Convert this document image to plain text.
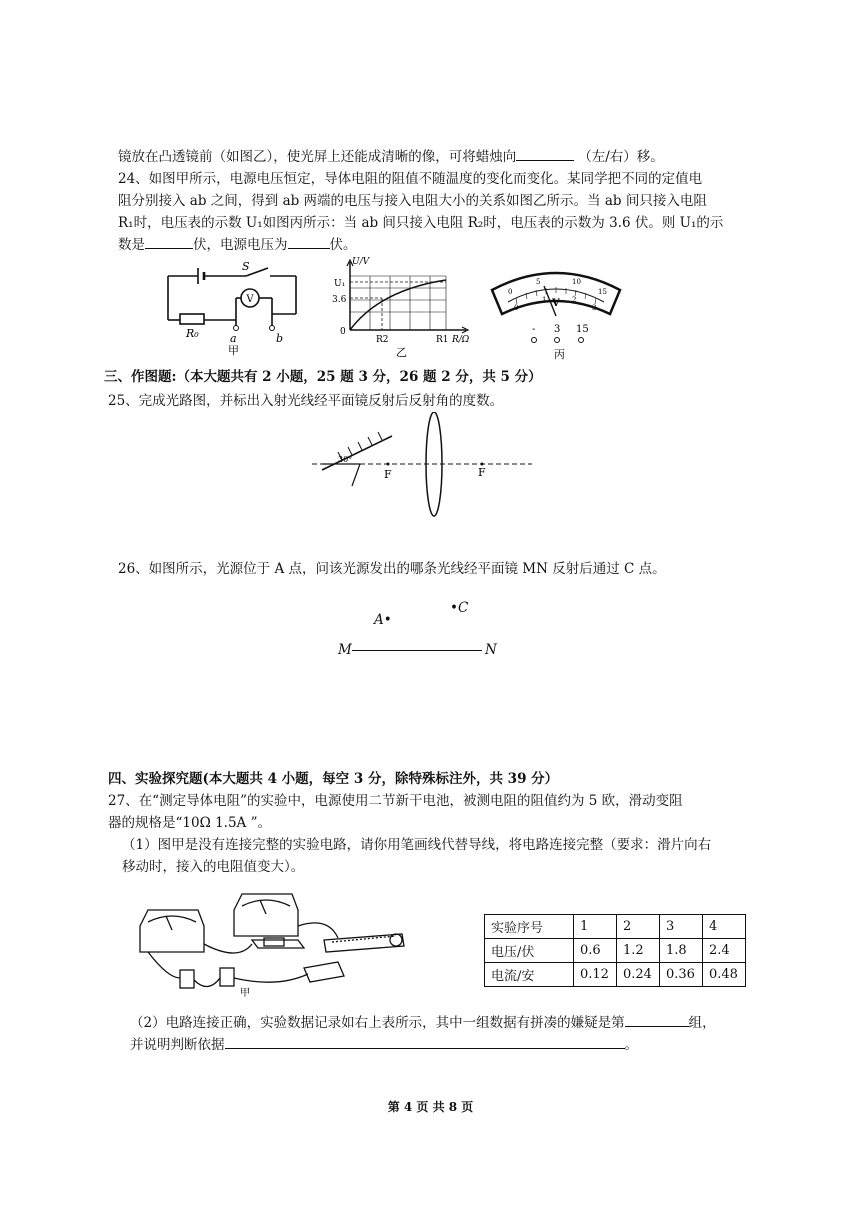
镜放在凸透镜前（如图乙），使光屏上还能成清晰的像，可将蜡烛向	（左/右）移。
24、如图甲所示，电源电压恒定，导体电阻的阻值不随温度的变化而变化。某同学把不同的定值电
阻分别接入 ab 之间，得到 ab 两端的电压与接入电阻大小的关系如图乙所示。当 ab 间只接入电阻
R₁时，电压表的示数 U₁如图丙所示：当 ab 间只接入电阻 R₂时，电压表的示数为 3.6 伏。则 U₁的示
数是	伏，电源电压为	伏。
V
S
R₀	a	b
甲
U/V
U₁
3.6
0
R2	R1 R/Ω
乙
0
5	10
15
0
1	2
3
V
- 3 15
丙
三、作图题:（本大题共有 2 小题，25 题 3 分，26 题 2 分，共 5 分）
25、完成光路图，并标出入射光线经平面镜反射后反射角的度数。
30°
F	F
26、如图所示，光源位于 A 点，问该光源发出的哪条光线经平面镜 MN 反射后通过 C 点。
•C
A•
M	N
四、实验探究题(本大题共 4 小题，每空 3 分，除特殊标注外，共 39 分）
27、在“测定导体电阻”的实验中，电源使用二节新干电池，被测电阻的阻值约为 5 欧，滑动变阻
器的规格是“10Ω 1.5A ”。
（1）图甲是没有连接完整的实验电路，请你用笔画线代替导线，将电路连接完整（要求：滑片向右
移动时，接入的电阻值变大）。
甲
实验序号	1	2	3	4
电压/伏	0.6	1.2	1.8	2.4
电流/安	0.12	0.24	0.36	0.48
（2）电路连接正确，实验数据记录如右上表所示，其中一组数据有拼凑的嫌疑是第	组，
并说明判断依据	。
第 4 页 共 8 页
